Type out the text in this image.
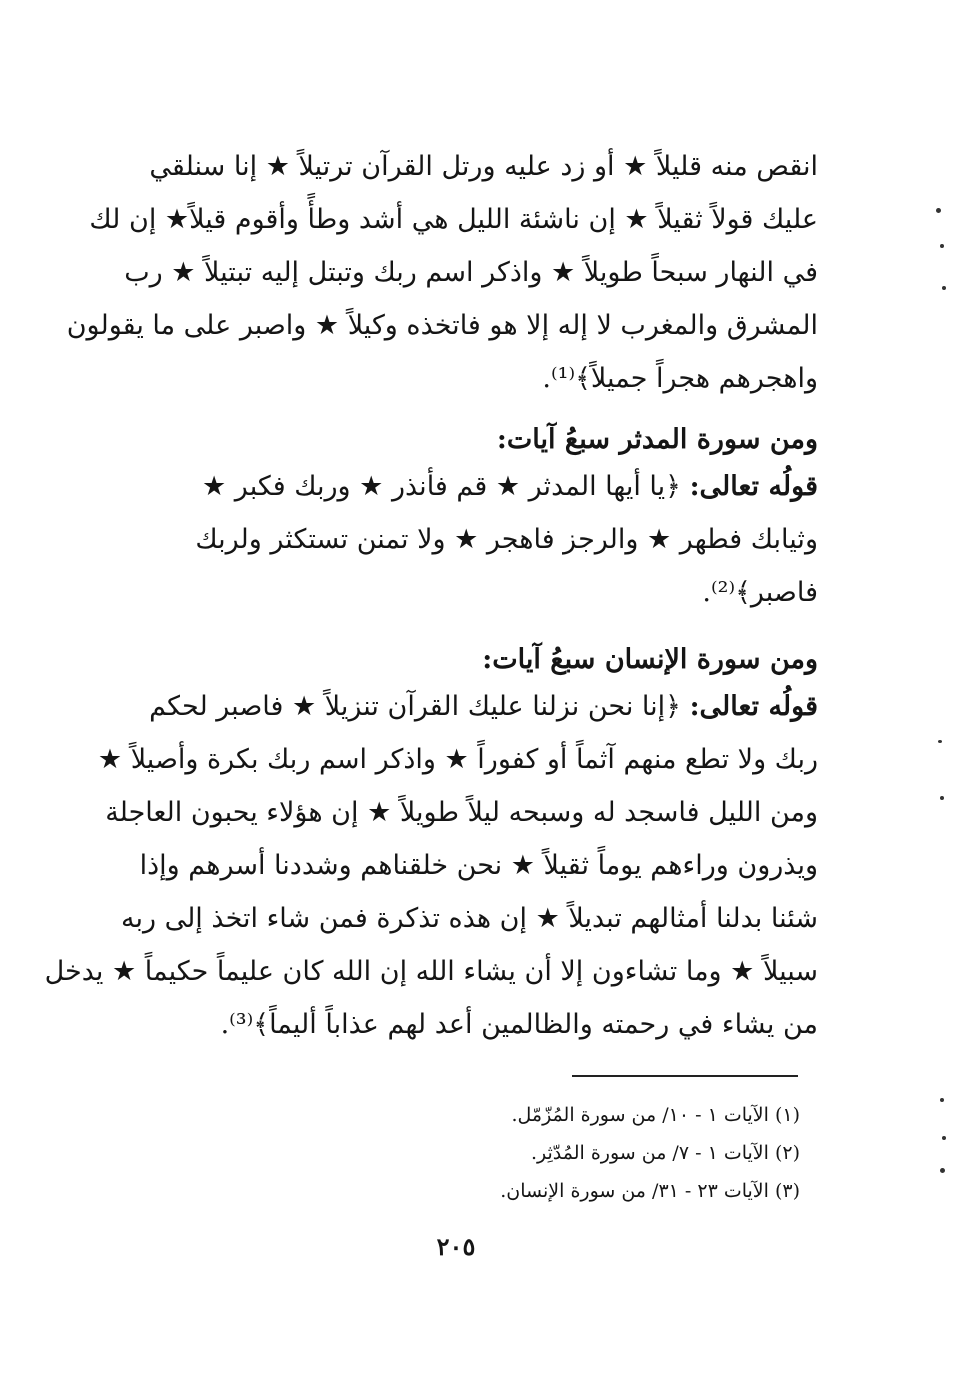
انقص منه قليلاً ★ أو زد عليه ورتل القرآن ترتيلاً ★ إنا سنلقي
عليك قولاً ثقيلاً ★ إن ناشئة الليل هي أشد وطأً وأقوم قيلاً★ إن لك
في النهار سبحاً طويلاً ★ واذكر اسم ربك وتبتل إليه تبتيلاً ★ رب
المشرق والمغرب لا إله إلا هو فاتخذه وكيلاً ★ واصبر على ما يقولون
واهجرهم هجراً جميلاً﴾⁽¹⁾.
ومن سورة المدثر سبعُ آيات:
قولُه تعالى: ﴿يا أيها المدثر ★ قم فأنذر ★ وربك فكبر ★
وثيابك فطهر ★ والرجز فاهجر ★ ولا تمنن تستكثر ولربك
فاصبر﴾⁽²⁾.
ومن سورة الإنسان سبعُ آيات:
قولُه تعالى: ﴿إنا نحن نزلنا عليك القرآن تنزيلاً ★ فاصبر لحكم
ربك ولا تطع منهم آثماً أو كفوراً ★ واذكر اسم ربك بكرة وأصيلاً ★
ومن الليل فاسجد له وسبحه ليلاً طويلاً ★ إن هؤلاء يحبون العاجلة
ويذرون وراءهم يوماً ثقيلاً ★ نحن خلقناهم وشددنا أسرهم وإذا
شئنا بدلنا أمثالهم تبديلاً ★ إن هذه تذكرة فمن شاء اتخذ إلى ربه
سبيلاً ★ وما تشاءون إلا أن يشاء الله إن الله كان عليماً حكيماً ★ يدخل
من يشاء في رحمته والظالمين أعد لهم عذاباً أليماً﴾⁽³⁾.
(١) الآيات ١ - ١٠/ من سورة المُزّمّل.
(٢) الآيات ١ - ٧/ من سورة المُدّثِر.
(٣) الآيات ٢٣ - ٣١/ من سورة الإنسان.
٢٠٥
